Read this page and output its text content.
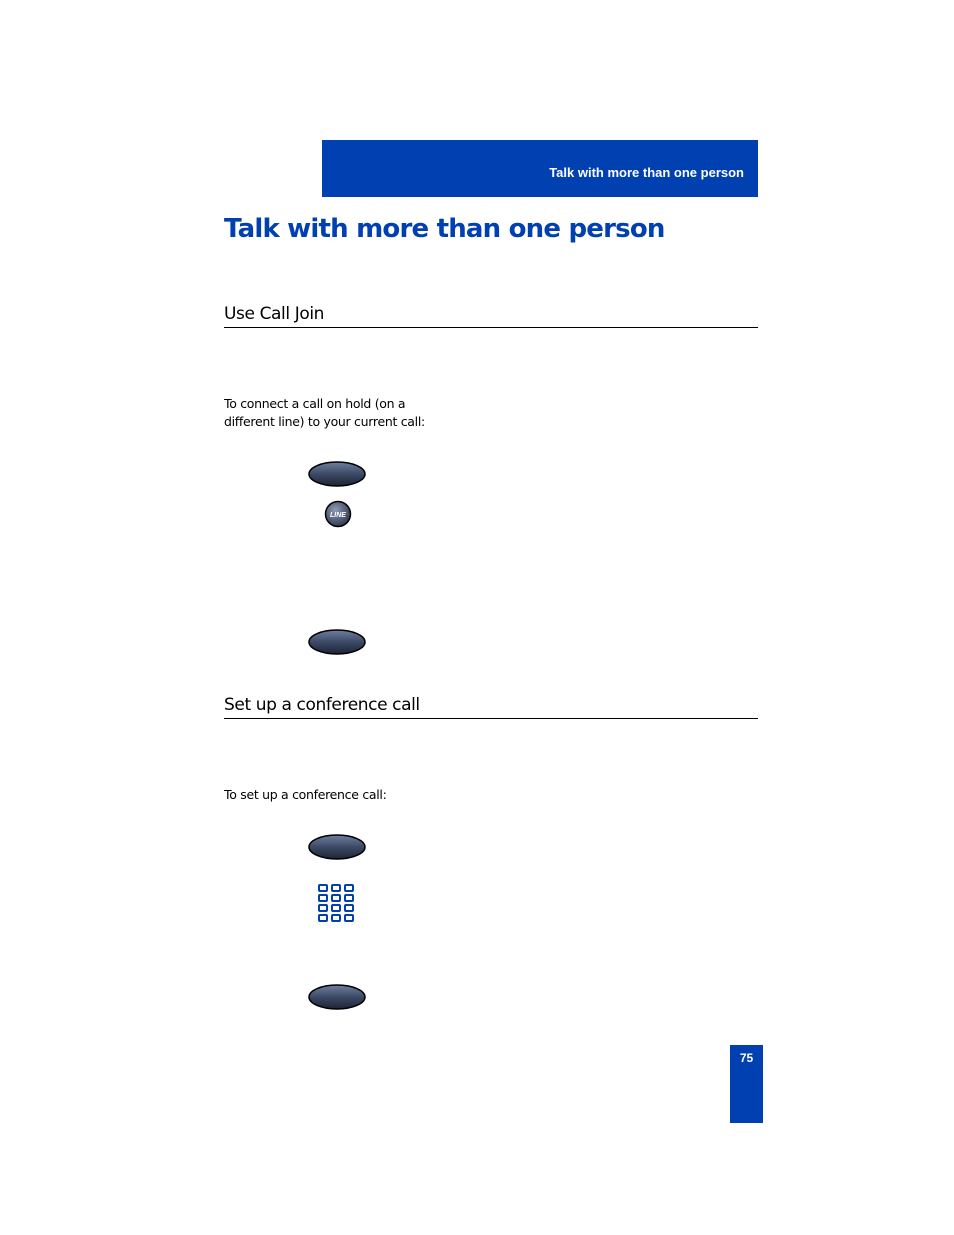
Talk with more than one person
Talk with more than one person
Use Call Join

To connect a call on hold (on a
different line) to your current call:

LINE
Set up a conference call

To set up a conference call:

75
